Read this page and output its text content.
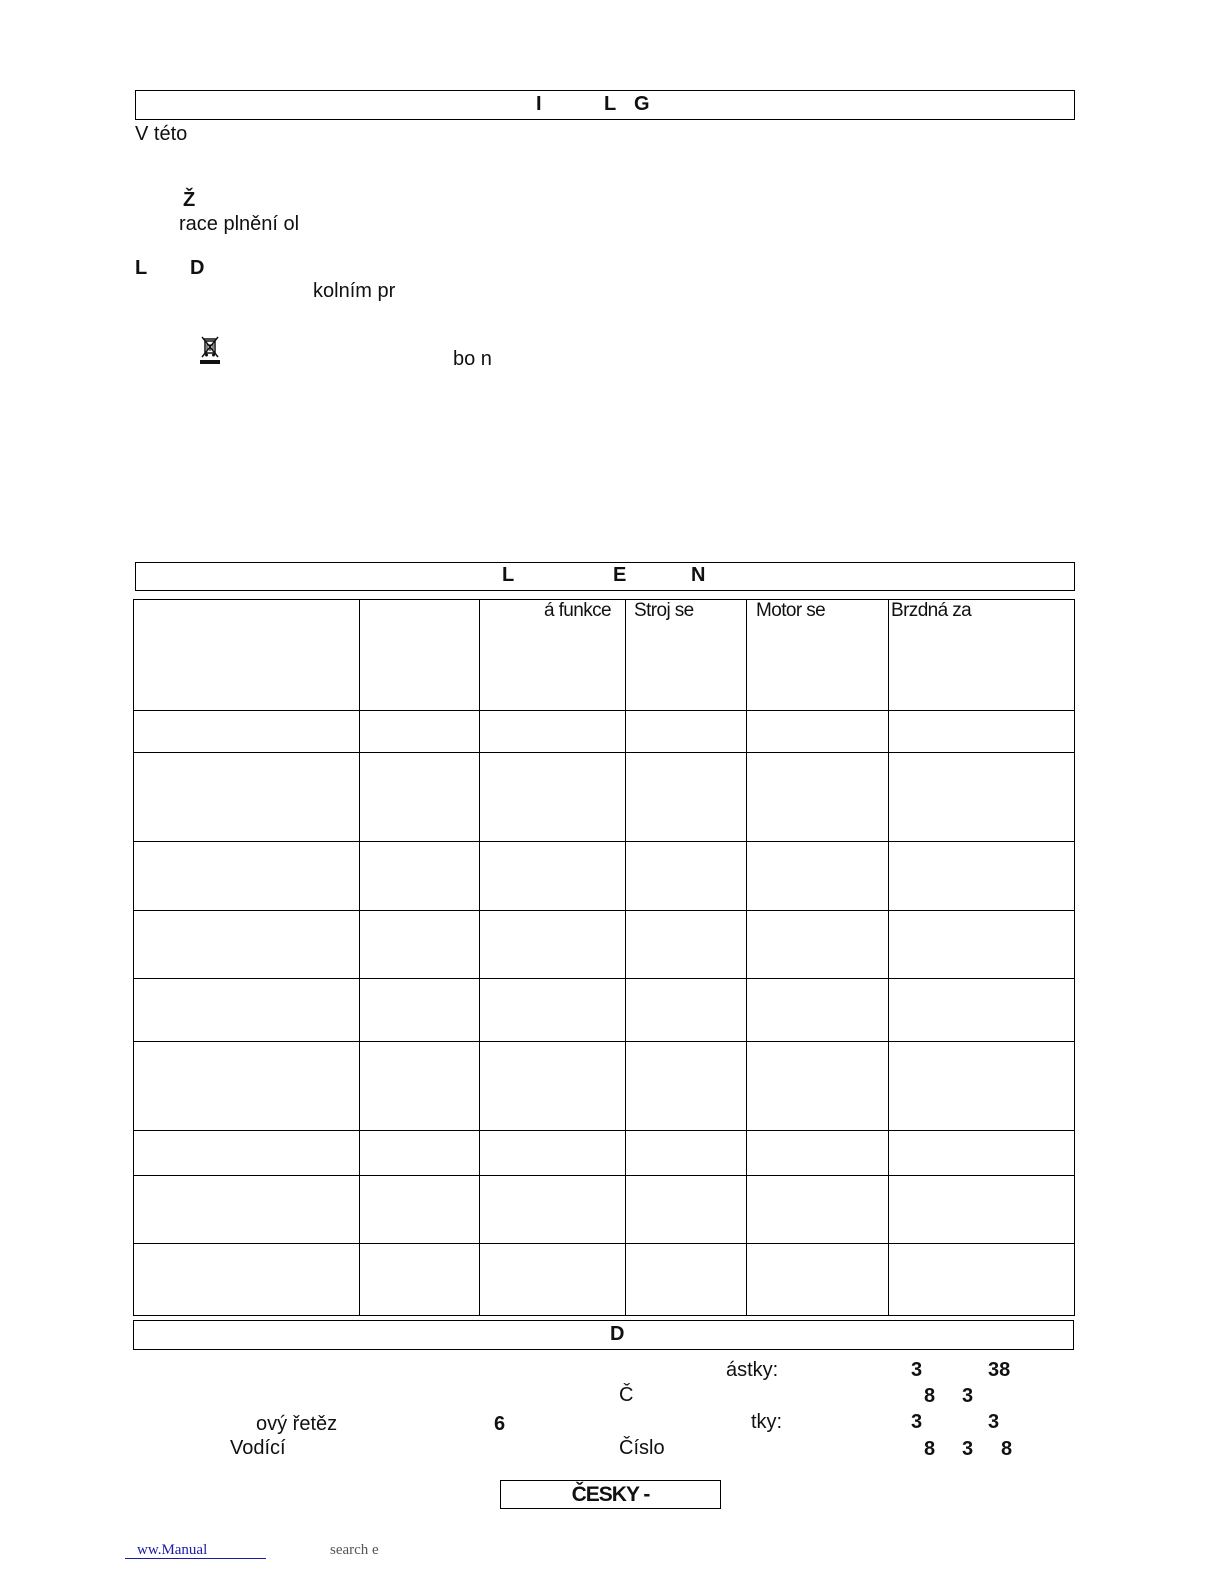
I	L G
V této
Ž
race plnění ol
L D
kolním pr
bo n
L	E	N
		á funkce	Stroj se	Motor se	Brzdná za

D
ástky:	3	38
Č	8 3
ový řetěz	6	tky:	3	3
Vodící	Číslo	8 3 8
ČESKY -
ww.Manual	search e
